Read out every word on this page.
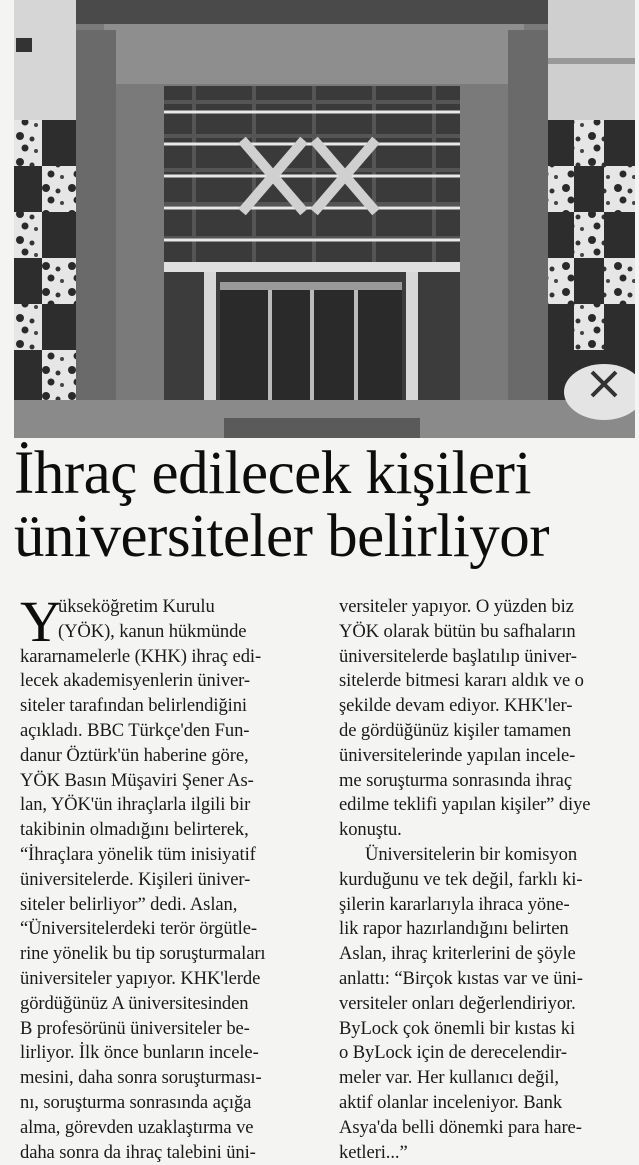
İhraç edilecek kişileri
üniversiteler belirliyor
Y
ükseköğretim Kurulu
(YÖK), kanun hükmünde
kararnamelerle (KHK) ihraç edi-
lecek akademisyenlerin üniver-
siteler tarafından belirlendiğini
açıkladı. BBC Türkçe'den Fun-
danur Öztürk'ün haberine göre,
YÖK Basın Müşaviri Şener As-
lan, YÖK'ün ihraçlarla ilgili bir
takibinin olmadığını belirterek,
“İhraçlara yönelik tüm inisiyatif
üniversitelerde. Kişileri üniver-
siteler belirliyor” dedi. Aslan,
“Üniversitelerdeki terör örgütle-
rine yönelik bu tip soruşturmaları
üniversiteler yapıyor. KHK'lerde
gördüğünüz A üniversitesinden
B profesörünü üniversiteler be-
lirliyor. İlk önce bunların incele-
mesini, daha sonra soruşturması-
nı, soruşturma sonrasında açığa
alma, görevden uzaklaştırma ve
daha sonra da ihraç talebini üni-
versiteler yapıyor. O yüzden biz
YÖK olarak bütün bu safhaların
üniversitelerde başlatılıp üniver-
sitelerde bitmesi kararı aldık ve o
şekilde devam ediyor. KHK'ler-
de gördüğünüz kişiler tamamen
üniversitelerinde yapılan incele-
me soruşturma sonrasında ihraç
edilme teklifi yapılan kişiler” diye
konuştu.
Üniversitelerin bir komisyon
kurduğunu ve tek değil, farklı ki-
şilerin kararlarıyla ihraca yöne-
lik rapor hazırlandığını belirten
Aslan, ihraç kriterlerini de şöyle
anlattı: “Birçok kıstas var ve üni-
versiteler onları değerlendiriyor.
ByLock çok önemli bir kıstas ki
o ByLock için de derecelendir-
meler var. Her kullanıcı değil,
aktif olanlar inceleniyor. Bank
Asya'da belli dönemki para hare-
ketleri...”
